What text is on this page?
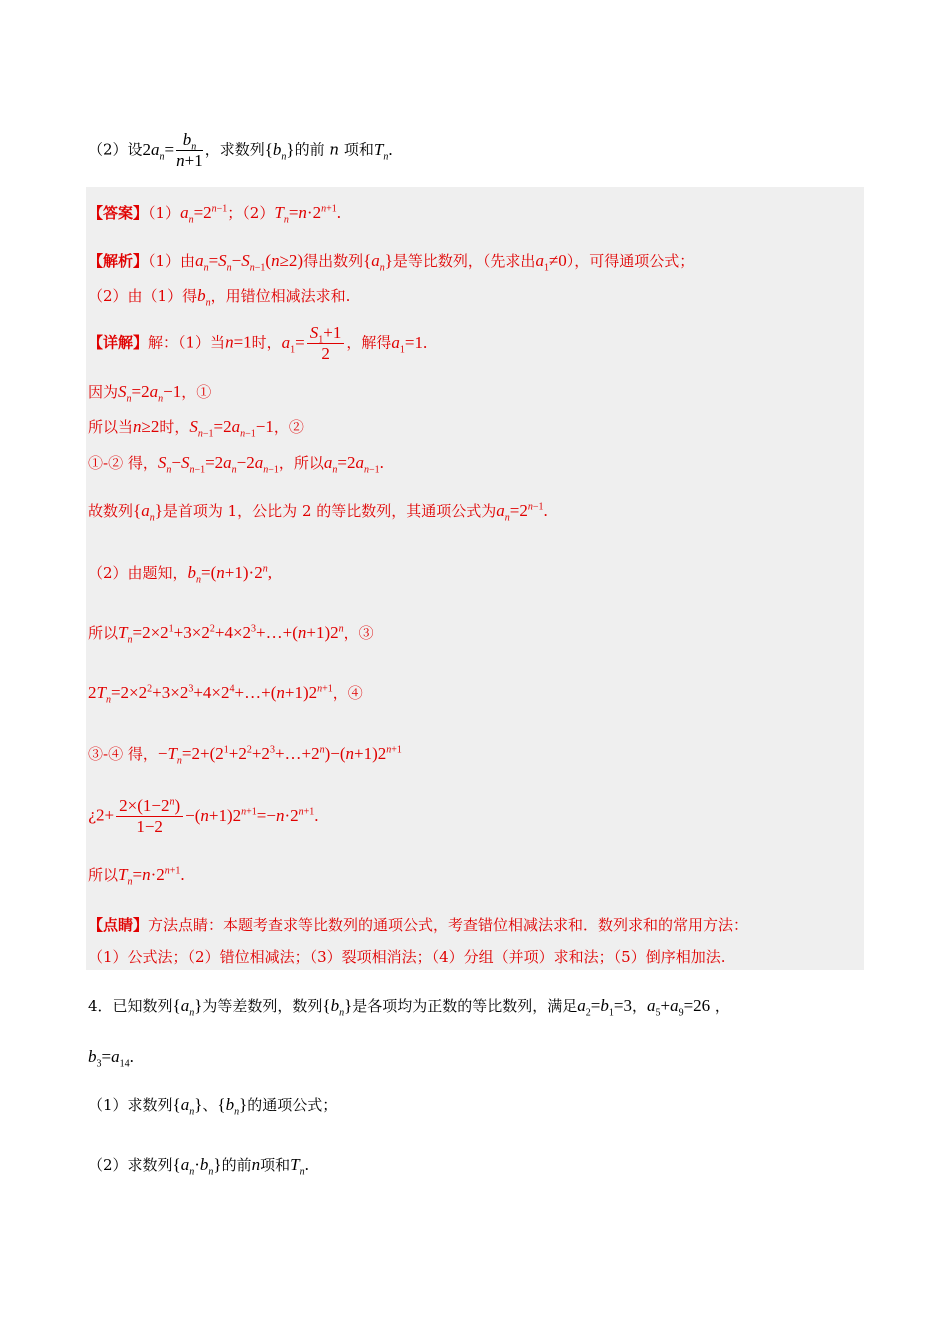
（2）设$2a_n= \frac{b_n}{n+1}$ ，求数列$\{b_n\}$的前 n 项和$T_n$.
【答案】$(1)a_n=2^{n-1}$；$(2)T_n=n\cdot 2^{n+1}$.
【解析】（1）由$a_n=S_n-S_{n-1}(n\ge 2)$得出数列$\{a_n\}$是等比数列，（先求出$a_1\ne 0$），可得通项公式；
（2）由（1）得$b_n$，用错位相减法求和.
【详解】解：（1）当n=1时，$a_1= \frac{S_1+1}{2}$ ，解得$a_1=1$.
因为$S_n=2a_n-1$，①
所以当n≥2时，$S_{n-1}=2a_{n-1}-1$，②
①-② 得，$S_n-S_{n-1}=2a_n-2a_{n-1}$，所以$a_n=2a_{n-1}$.
故数列$\{a_n\}$是首项为 1，公比为 2 的等比数列，其通项公式为$a_n=2^{n-1}$.
（2）由题知，$b_n=(n+1)\cdot 2^n$,
所以$T_n=2\times 2^1+3\times 2^2+4\times 2^3+\dots+(n+1)2^n$，③
$2T_n=2\times 2^2+3\times 2^3+4\times 2^4+\dots+(n+1)2^{n+1}$，④
③-④ 得，$-T_n=2+(2^1+2^2+2^3+\dots+2^n)-(n+1)2^{n+1}$
¿$2+ \frac{2\times(1-2^n)}{1-2} -(n+1)2^{n+1}=-n\cdot 2^{n+1}$.
所以$T_n=n\cdot 2^{n+1}$.
【点睛】方法点睛：本题考查求等比数列的通项公式，考查错位相减法求和．数列求和的常用方法：
（1）公式法；（2）错位相减法；（3）裂项相消法；（4）分组（并项）求和法；（5）倒序相加法.
4．已知数列$\{a_n\}$为等差数列，数列$\{b_n\}$是各项均为正数的等比数列，满足$a_2=b_1=3$，$a_5+a_9=26$ ，
$b_3=a_{14}$.
（1）求数列$\{a_n\}$、$\{b_n\}$的通项公式；
（2）求数列$\{a_n\cdot b_n\}$的前n项和$T_n$.
